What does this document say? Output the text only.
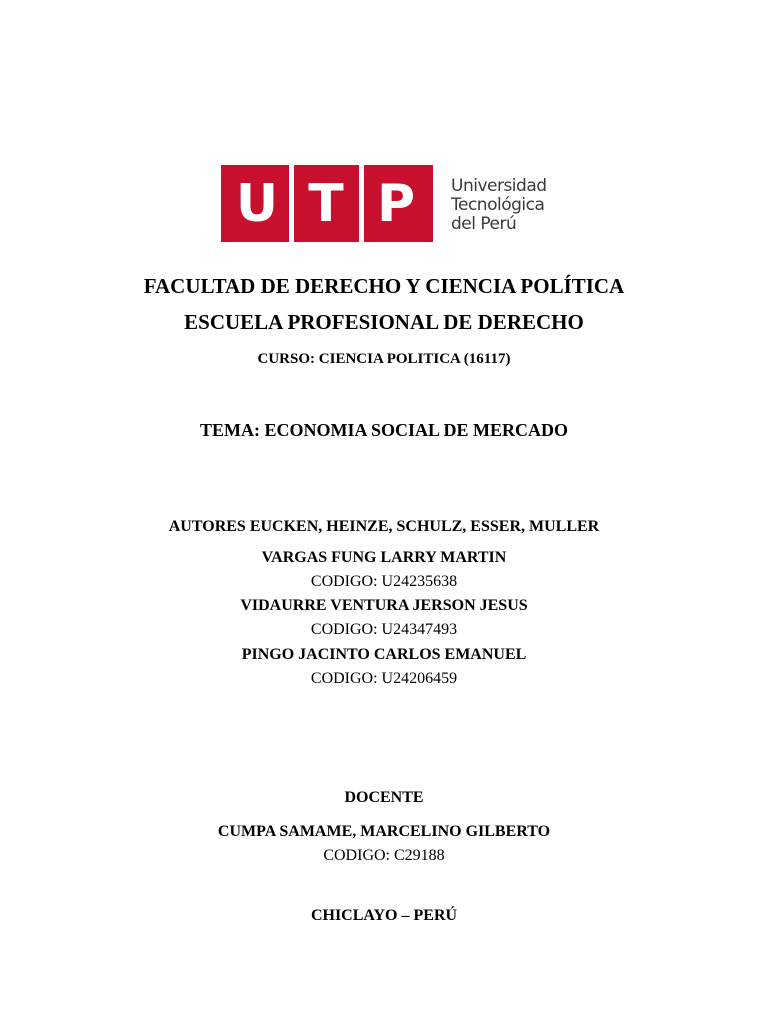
U T P	Universidad
Tecnológica
del Perú
FACULTAD DE DERECHO Y CIENCIA POLÍTICA
ESCUELA PROFESIONAL DE DERECHO
CURSO: CIENCIA POLITICA (16117)
TEMA: ECONOMIA SOCIAL DE MERCADO
AUTORES EUCKEN, HEINZE, SCHULZ, ESSER, MULLER
VARGAS FUNG LARRY MARTIN
CODIGO: U24235638
VIDAURRE VENTURA JERSON JESUS
CODIGO: U24347493
PINGO JACINTO CARLOS EMANUEL
CODIGO: U24206459
DOCENTE
CUMPA SAMAME, MARCELINO GILBERTO
CODIGO: C29188
CHICLAYO – PERÚ
